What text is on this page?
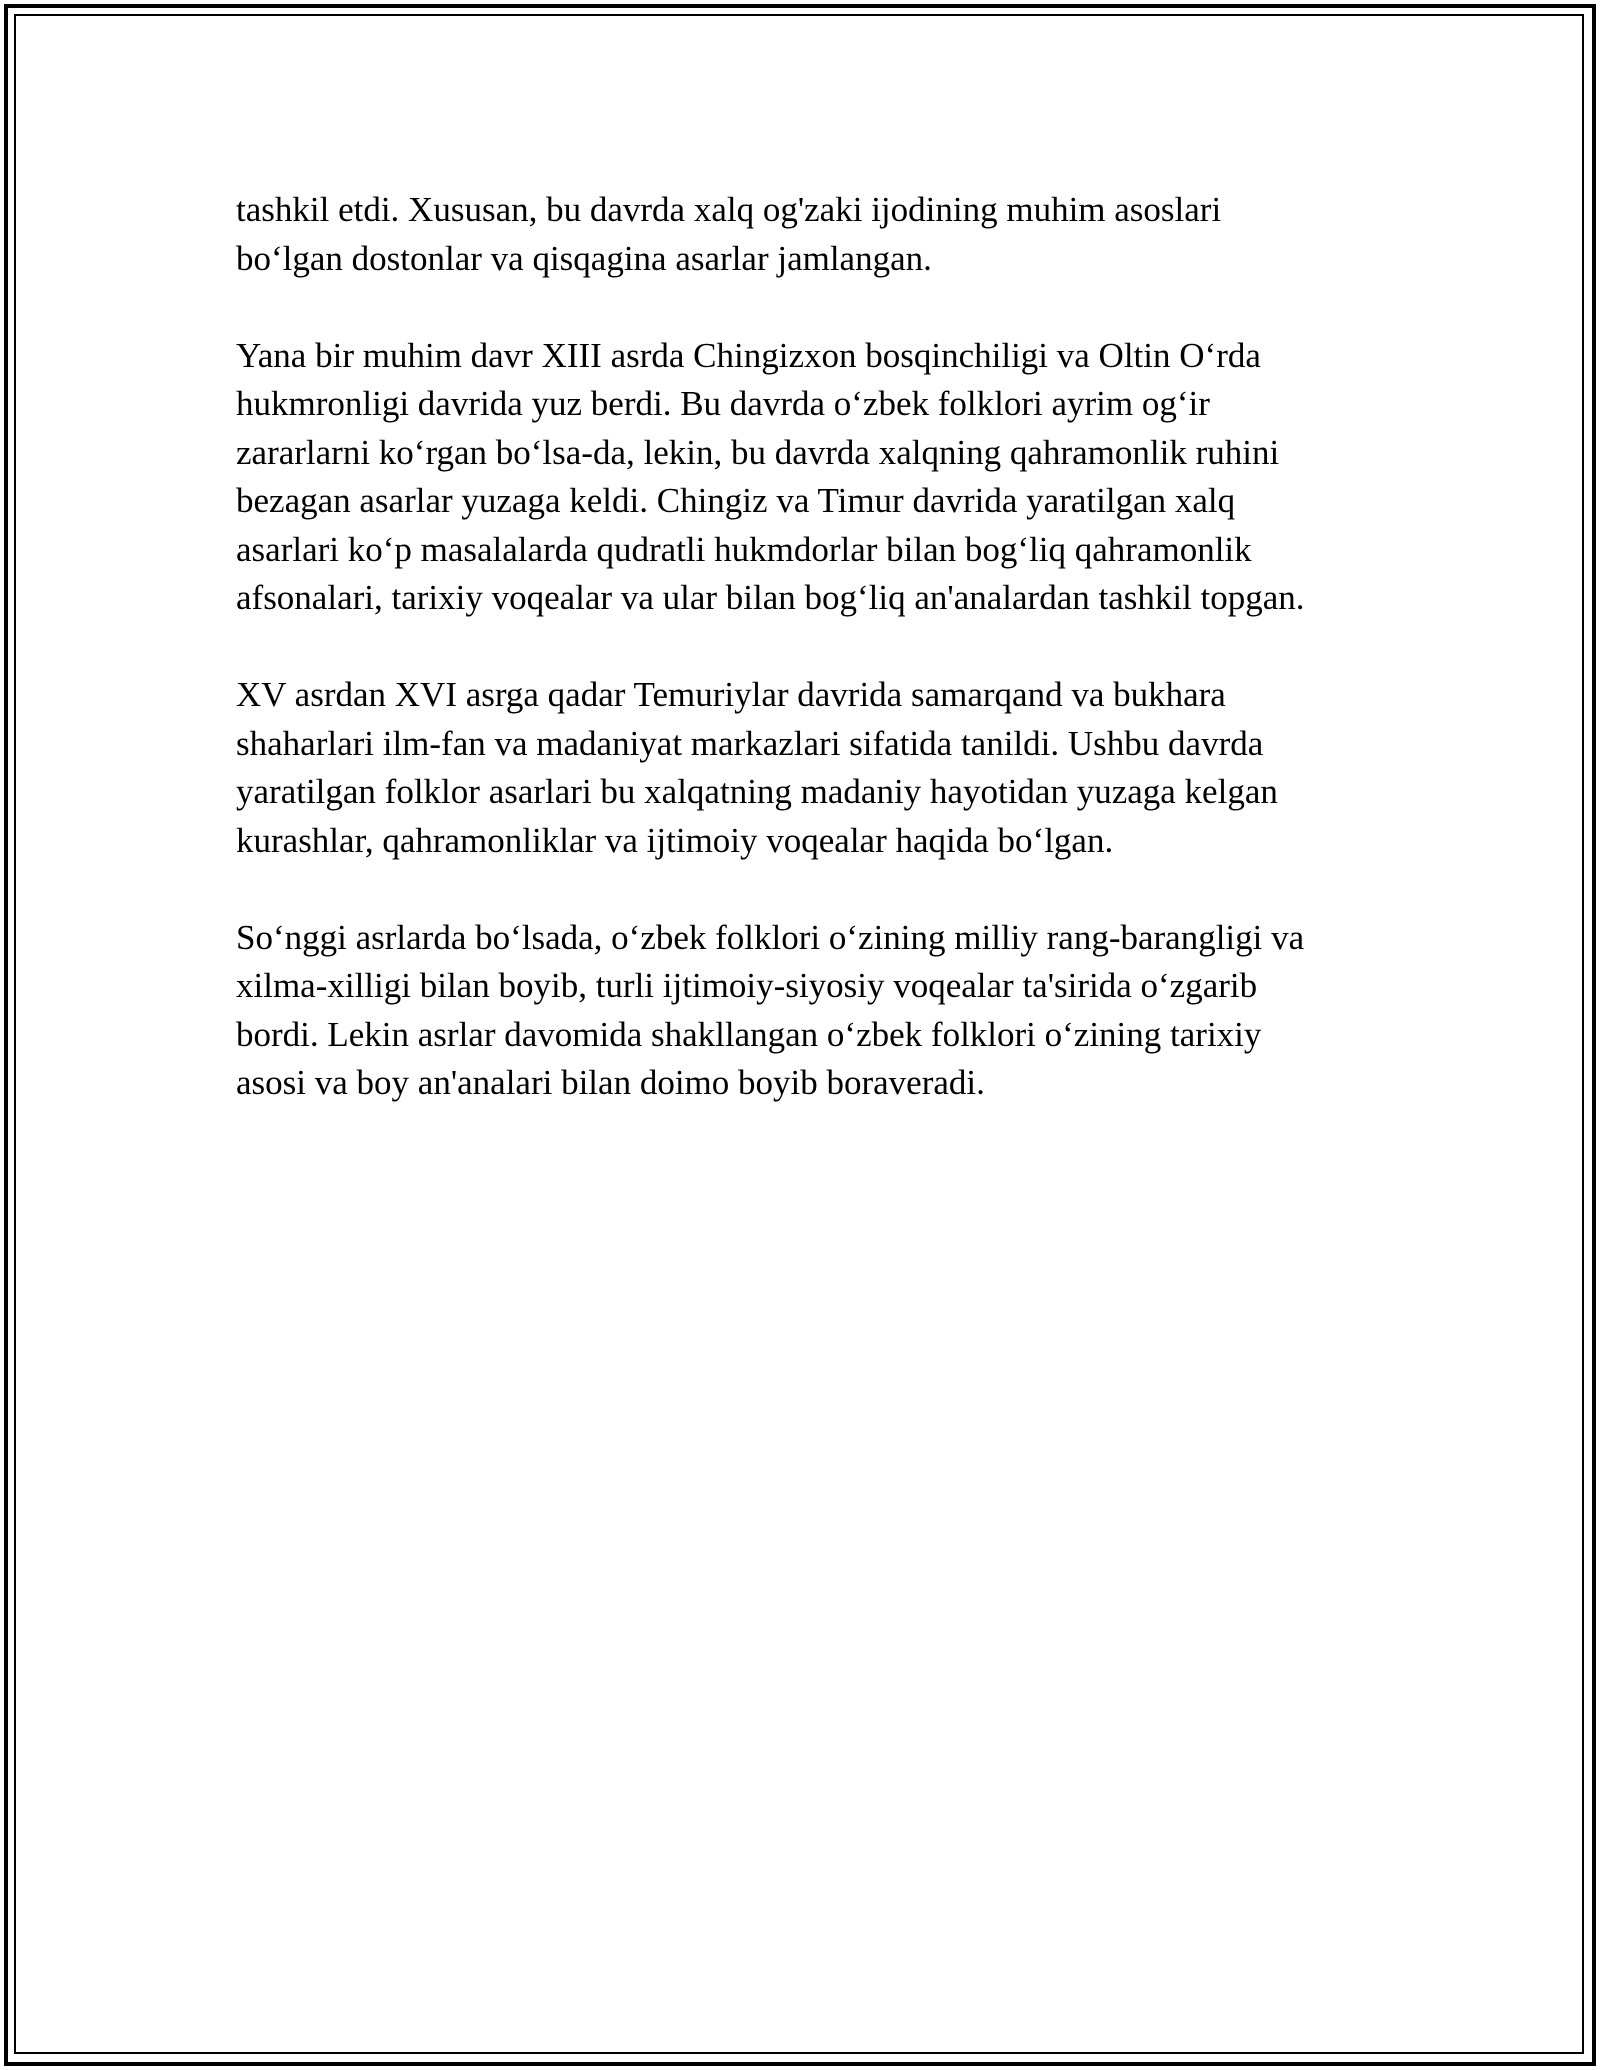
tashkil etdi. Xususan, bu davrda xalq og'zaki ijodining muhim asoslari
bo‘lgan dostonlar va qisqagina asarlar jamlangan.

Yana bir muhim davr XIII asrda Chingizxon bosqinchiligi va Oltin O‘rda
hukmronligi davrida yuz berdi. Bu davrda o‘zbek folklori ayrim og‘ir
zararlarni ko‘rgan bo‘lsa-da, lekin, bu davrda xalqning qahramonlik ruhini
bezagan asarlar yuzaga keldi. Chingiz va Timur davrida yaratilgan xalq
asarlari ko‘p masalalarda qudratli hukmdorlar bilan bog‘liq qahramonlik
afsonalari, tarixiy voqealar va ular bilan bog‘liq an'analardan tashkil topgan.

XV asrdan XVI asrga qadar Temuriylar davrida samarqand va bukhara
shaharlari ilm-fan va madaniyat markazlari sifatida tanildi. Ushbu davrda
yaratilgan folklor asarlari bu xalqatning madaniy hayotidan yuzaga kelgan
kurashlar, qahramonliklar va ijtimoiy voqealar haqida bo‘lgan.

So‘nggi asrlarda bo‘lsada, o‘zbek folklori o‘zining milliy rang-barangligi va
xilma-xilligi bilan boyib, turli ijtimoiy-siyosiy voqealar ta'sirida o‘zgarib
bordi. Lekin asrlar davomida shakllangan o‘zbek folklori o‘zining tarixiy
asosi va boy an'analari bilan doimo boyib boraveradi.
